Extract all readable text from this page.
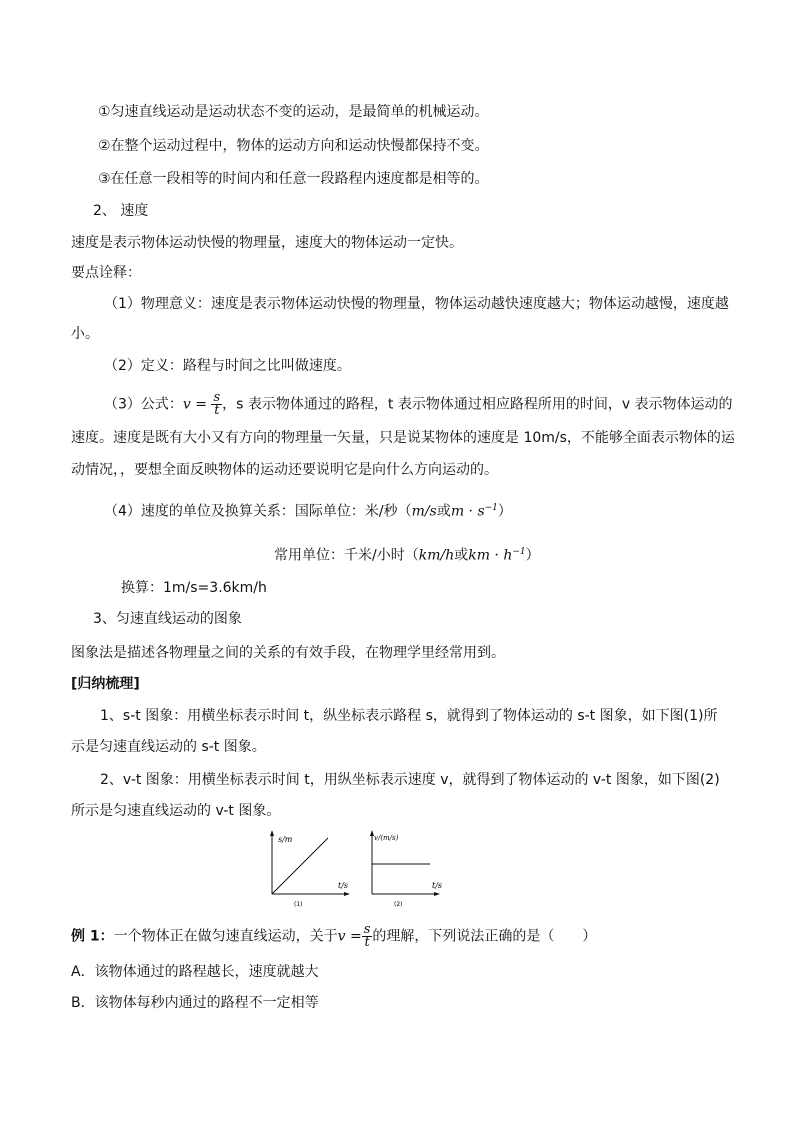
①匀速直线运动是运动状态不变的运动，是最简单的机械运动。
②在整个运动过程中，物体的运动方向和运动快慢都保持不变。
③在任意一段相等的时间内和任意一段路程内速度都是相等的。
2、 速度
速度是表示物体运动快慢的物理量，速度大的物体运动一定快。
要点诠释：
（1）物理意义：速度是表示物体运动快慢的物理量，物体运动越快速度越大；物体运动越慢，速度越
小。
（2）定义：路程与时间之比叫做速度。
（3）公式：$v = \frac{s}{t}$ ，s 表示物体通过的路程，t 表示物体通过相应路程所用的时间，v 表示物体运动的
速度。速度是既有大小又有方向的物理量一矢量，只是说某物体的速度是 10m/s，不能够全面表示物体的运
动情况，，要想全面反映物体的运动还要说明它是向什么方向运动的。
（4）速度的单位及换算关系：国际单位：米/秒（m/s或$m \cdot s^{-1}$）
常用单位：千米/小时（km/h或km · $h^{-1}$）
换算：1m/s=3.6km/h
3、匀速直线运动的图象
图象法是描述各物理量之间的关系的有效手段，在物理学里经常用到。
[归纳梳理]
1、s-t 图象：用横坐标表示时间 t，纵坐标表示路程 s，就得到了物体运动的 s-t 图象，如下图(1)所
示是匀速直线运动的 s-t 图象。
2、v-t 图象：用横坐标表示时间 t，用纵坐标表示速度 v，就得到了物体运动的 v-t 图象，如下图(2)
所示是匀速直线运动的 v-t 图象。
s/m
t/s
(1)
v/(m/s)
t/s
(2)
例 1：一个物体正在做匀速直线运动，关于$v = \frac{s}{t}$ 的理解，下列说法正确的是（　　）
A．该物体通过的路程越长，速度就越大
B．该物体每秒内通过的路程不一定相等
